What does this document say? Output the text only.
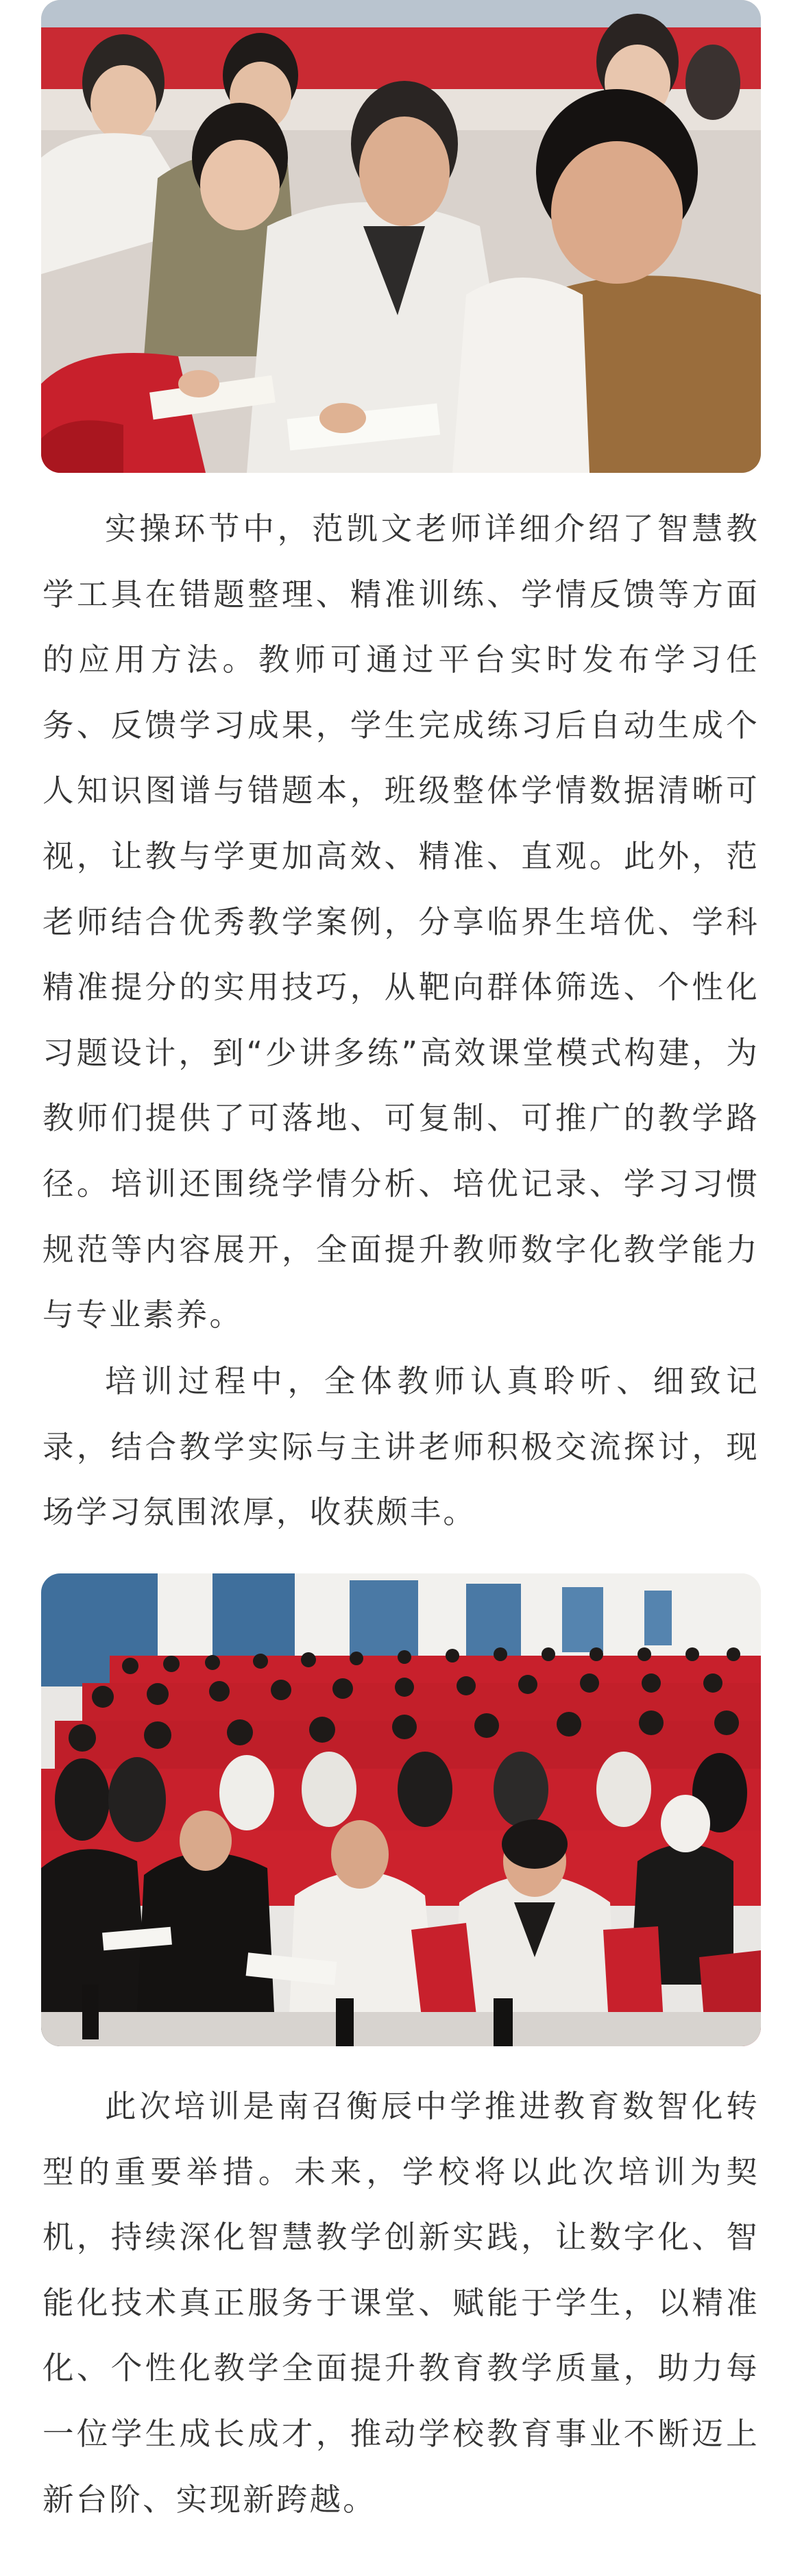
实操环节中，范凯文老师详细介绍了智慧教学工具在错题整理、精准训练、学情反馈等方面的应用方法。教师可通过平台实时发布学习任务、反馈学习成果，学生完成练习后自动生成个人知识图谱与错题本，班级整体学情数据清晰可视，让教与学更加高效、精准、直观。此外，范老师结合优秀教学案例，分享临界生培优、学科精准提分的实用技巧，从靶向群体筛选、个性化习题设计，到“少讲多练”高效课堂模式构建，为教师们提供了可落地、可复制、可推广的教学路径。培训还围绕学情分析、培优记录、学习习惯规范等内容展开，全面提升教师数字化教学能力与专业素养。

培训过程中，全体教师认真聆听、细致记录，结合教学实际与主讲老师积极交流探讨，现场学习氛围浓厚，收获颇丰。

此次培训是南召衡辰中学推进教育数智化转型的重要举措。未来，学校将以此次培训为契机，持续深化智慧教学创新实践，让数字化、智能化技术真正服务于课堂、赋能于学生，以精准化、个性化教学全面提升教育教学质量，助力每一位学生成长成才，推动学校教育事业不断迈上新台阶、实现新跨越。
